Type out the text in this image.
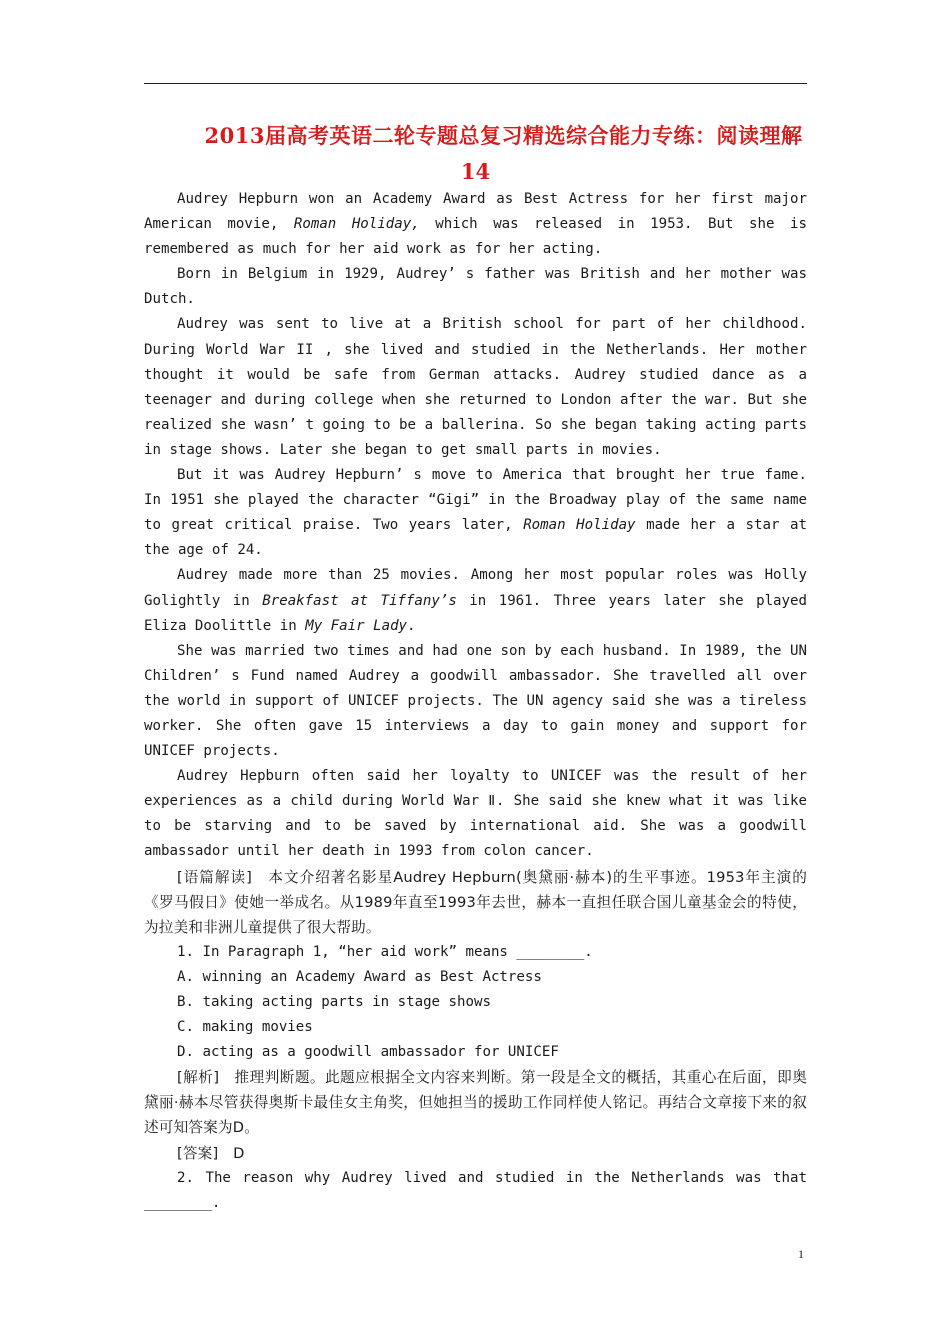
2013届高考英语二轮专题总复习精选综合能力专练：阅读理解
14

Audrey Hepburn won an Academy Award as Best Actress for her first major American movie, Roman Holiday, which was released in 1953. But she is remembered as much for her aid work as for her acting.

Born in Belgium in 1929, Audrey’ s father was British and her mother was Dutch.

Audrey was sent to live at a British school for part of her childhood. During World War II , she lived and studied in the Netherlands. Her mother thought it would be safe from German attacks. Audrey studied dance as a teenager and during college when she returned to London after the war. But she realized she wasn’ t going to be a ballerina. So she began taking acting parts in stage shows. Later she began to get small parts in movies.

But it was Audrey Hepburn’ s move to America that brought her true fame. In 1951 she played the character “Gigi” in the Broadway play of the same name to great critical praise. Two years later, Roman Holiday made her a star at the age of 24.

Audrey made more than 25 movies. Among her most popular roles was Holly Golightly in Breakfast at Tiffany’s in 1961. Three years later she played Eliza Doolittle in My Fair Lady.

She was married two times and had one son by each husband. In 1989, the UN Children’ s Fund named Audrey a goodwill ambassador. She travelled all over the world in support of UNICEF projects. The UN agency said she was a tireless worker. She often gave 15 interviews a day to gain money and support for UNICEF projects.

Audrey Hepburn often said her loyalty to UNICEF was the result of her experiences as a child during World War Ⅱ. She said she knew what it was like to be starving and to be saved by international aid. She was a goodwill ambassador until her death in 1993 from colon cancer.

[语篇解读]　本文介绍著名影星Audrey Hepburn(奥黛丽·赫本)的生平事迹。1953年主演的《罗马假日》使她一举成名。从1989年直至1993年去世，赫本一直担任联合国儿童基金会的特使，为拉美和非洲儿童提供了很大帮助。

1. In Paragraph 1, “her aid work” means ________.

A. winning an Academy Award as Best Actress

B. taking acting parts in stage shows

C. making movies

D. acting as a goodwill ambassador for UNICEF

[解析]　推理判断题。此题应根据全文内容来判断。第一段是全文的概括，其重心在后面，即奥黛丽·赫本尽管获得奥斯卡最佳女主角奖，但她担当的援助工作同样使人铭记。再结合文章接下来的叙述可知答案为D。

[答案]　D

2. The reason why Audrey lived and studied in the Netherlands was that ________.

1
